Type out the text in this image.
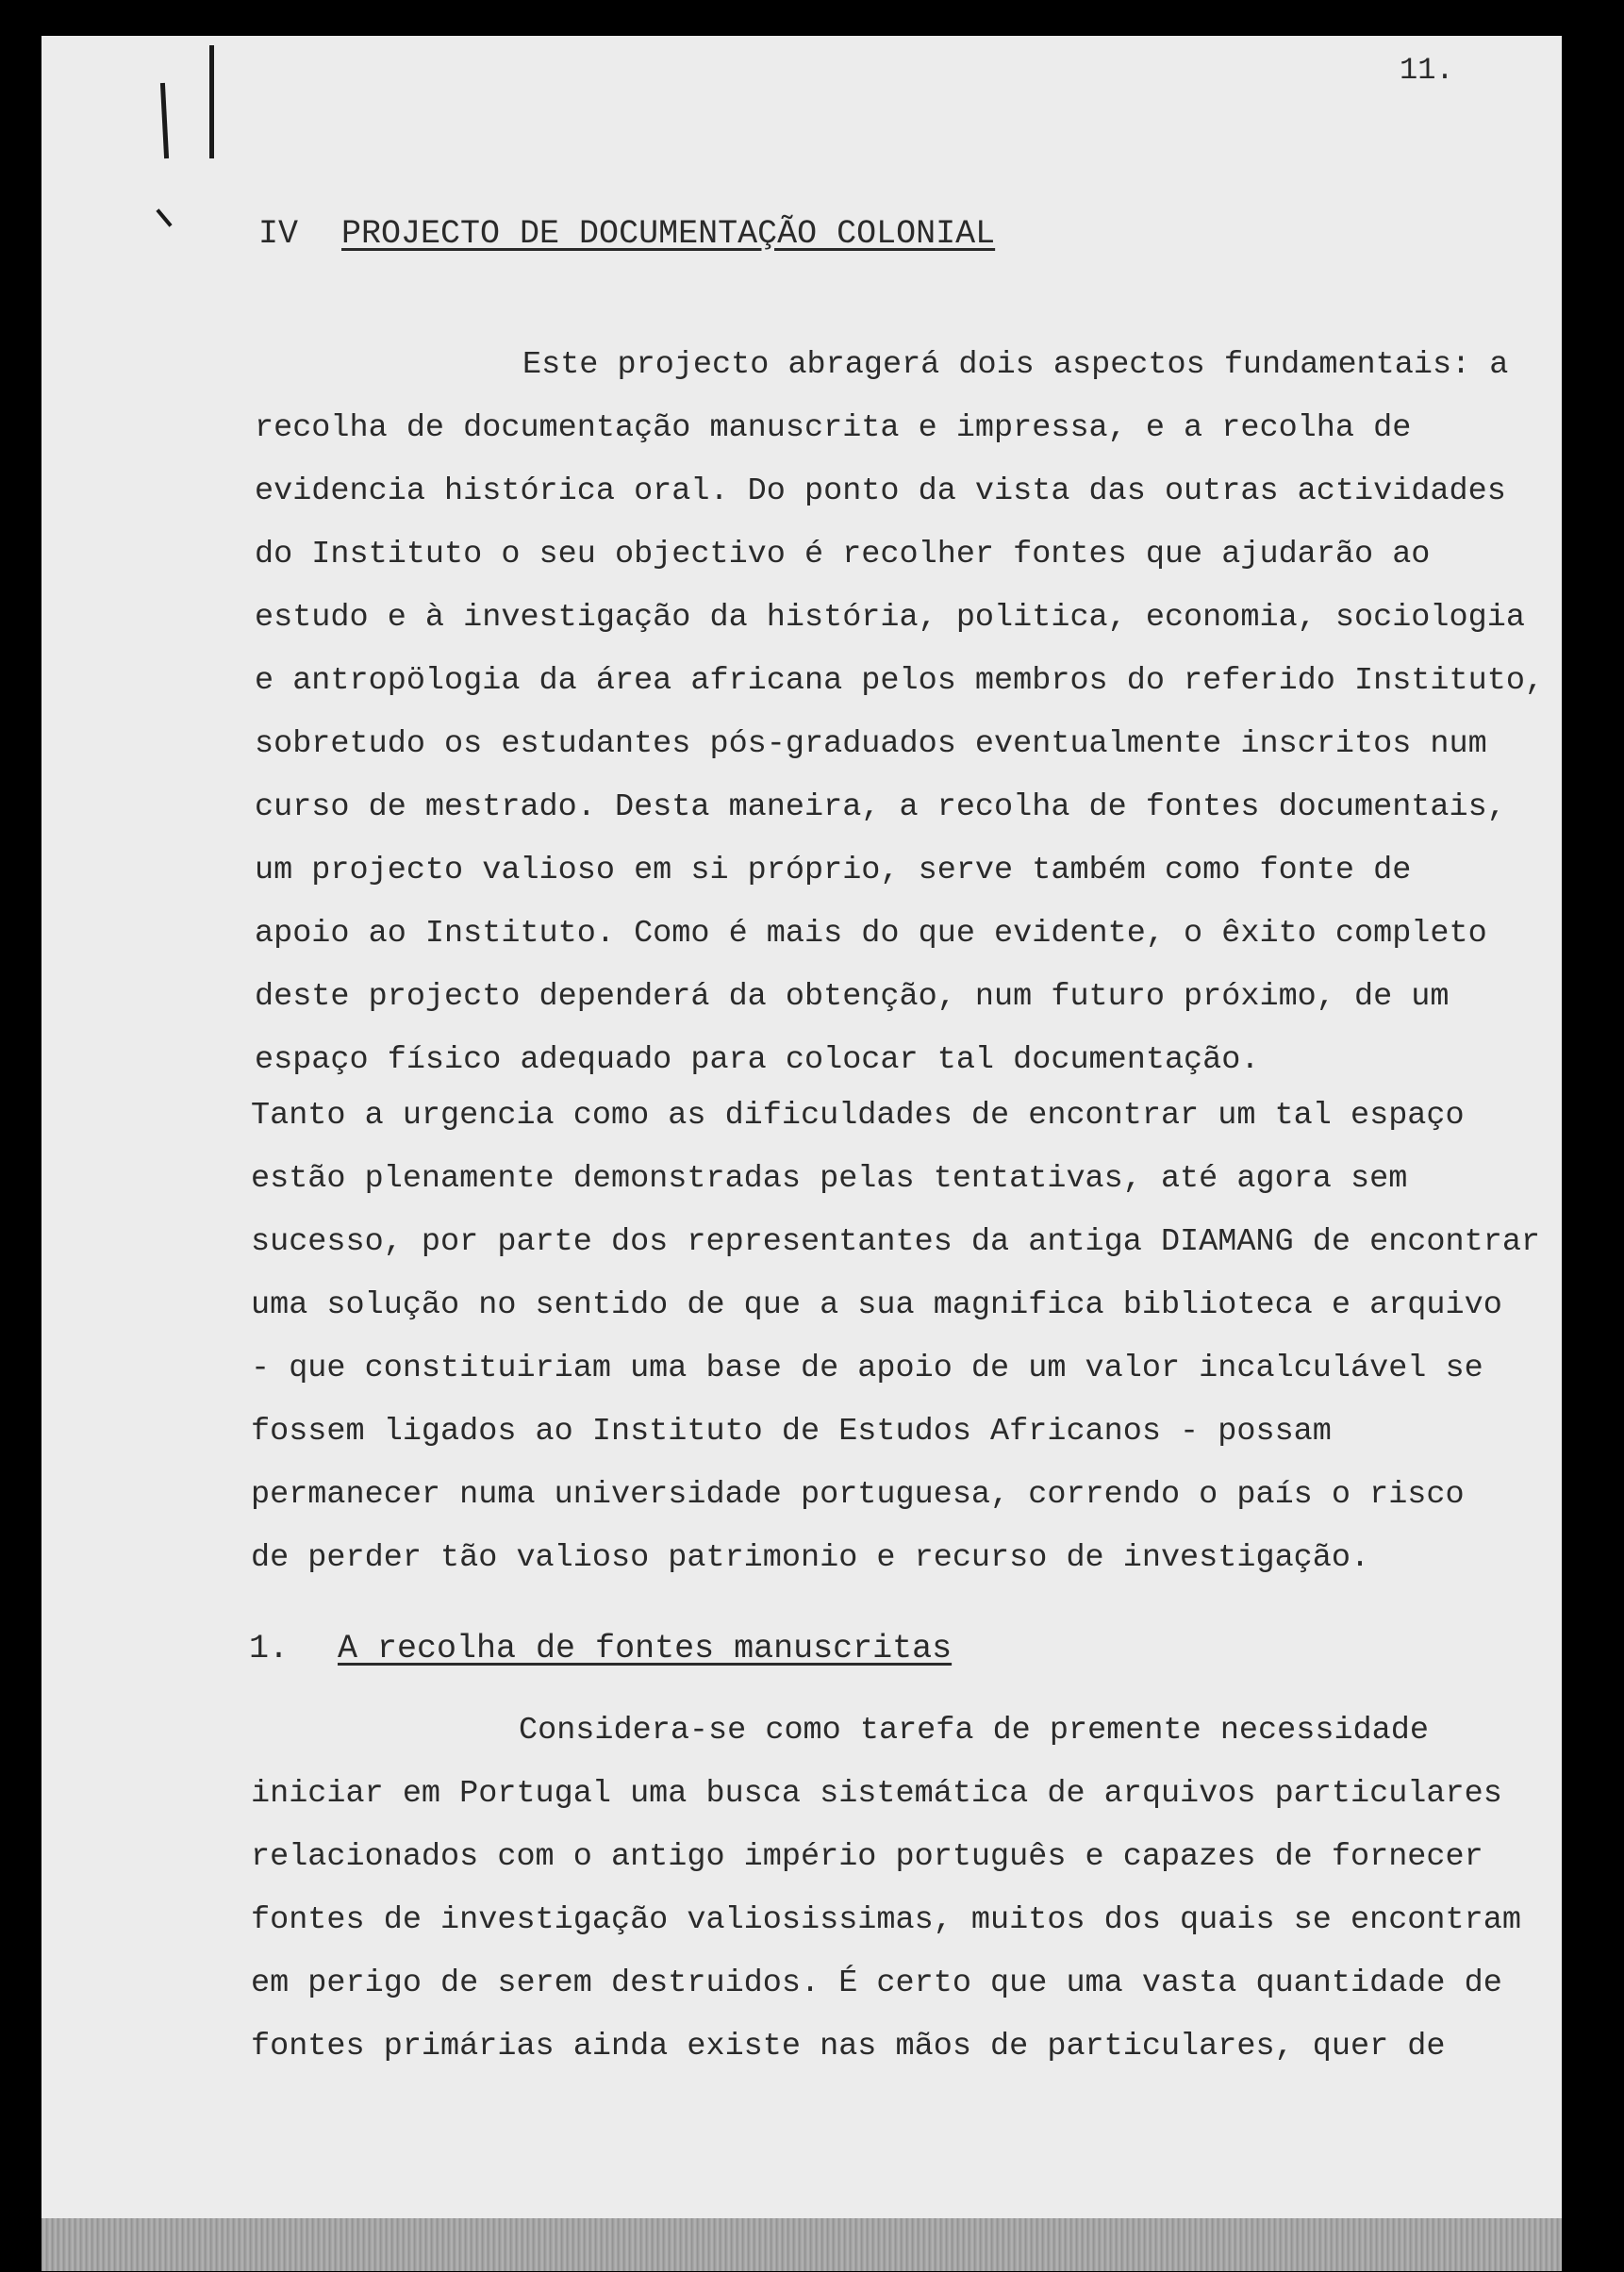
11.
IV PROJECTO DE DOCUMENTAÇÃO COLONIAL

Este projecto abragerá dois aspectos fundamentais: a
recolha de documentação manuscrita e impressa, e a recolha de
evidencia histórica oral. Do ponto da vista das outras actividades
do Instituto o seu objectivo é recolher fontes que ajudarão ao
estudo e à investigação da história, politica, economia, sociologia
e antropölogia da área africana pelos membros do referido Instituto,
sobretudo os estudantes pós-graduados eventualmente inscritos num
curso de mestrado. Desta maneira, a recolha de fontes documentais,
um projecto valioso em si próprio, serve também como fonte de
apoio ao Instituto. Como é mais do que evidente, o êxito completo
deste projecto dependerá da obtenção, num futuro próximo, de um
espaço físico adequado para colocar tal documentação.

Tanto a urgencia como as dificuldades de encontrar um tal espaço
estão plenamente demonstradas pelas tentativas, até agora sem
sucesso, por parte dos representantes da antiga DIAMANG de encontrar
uma solução no sentido de que a sua magnifica biblioteca e arquivo
- que constituiriam uma base de apoio de um valor incalculável se
fossem ligados ao Instituto de Estudos Africanos - possam
permanecer numa universidade portuguesa, correndo o país o risco
de perder tão valioso patrimonio e recurso de investigação.

1. A recolha de fontes manuscritas

Considera-se como tarefa de premente necessidade
iniciar em Portugal uma busca sistemática de arquivos particulares
relacionados com o antigo império português e capazes de fornecer
fontes de investigação valiosissimas, muitos dos quais se encontram
em perigo de serem destruidos. É certo que uma vasta quantidade de
fontes primárias ainda existe nas mãos de particulares, quer de
